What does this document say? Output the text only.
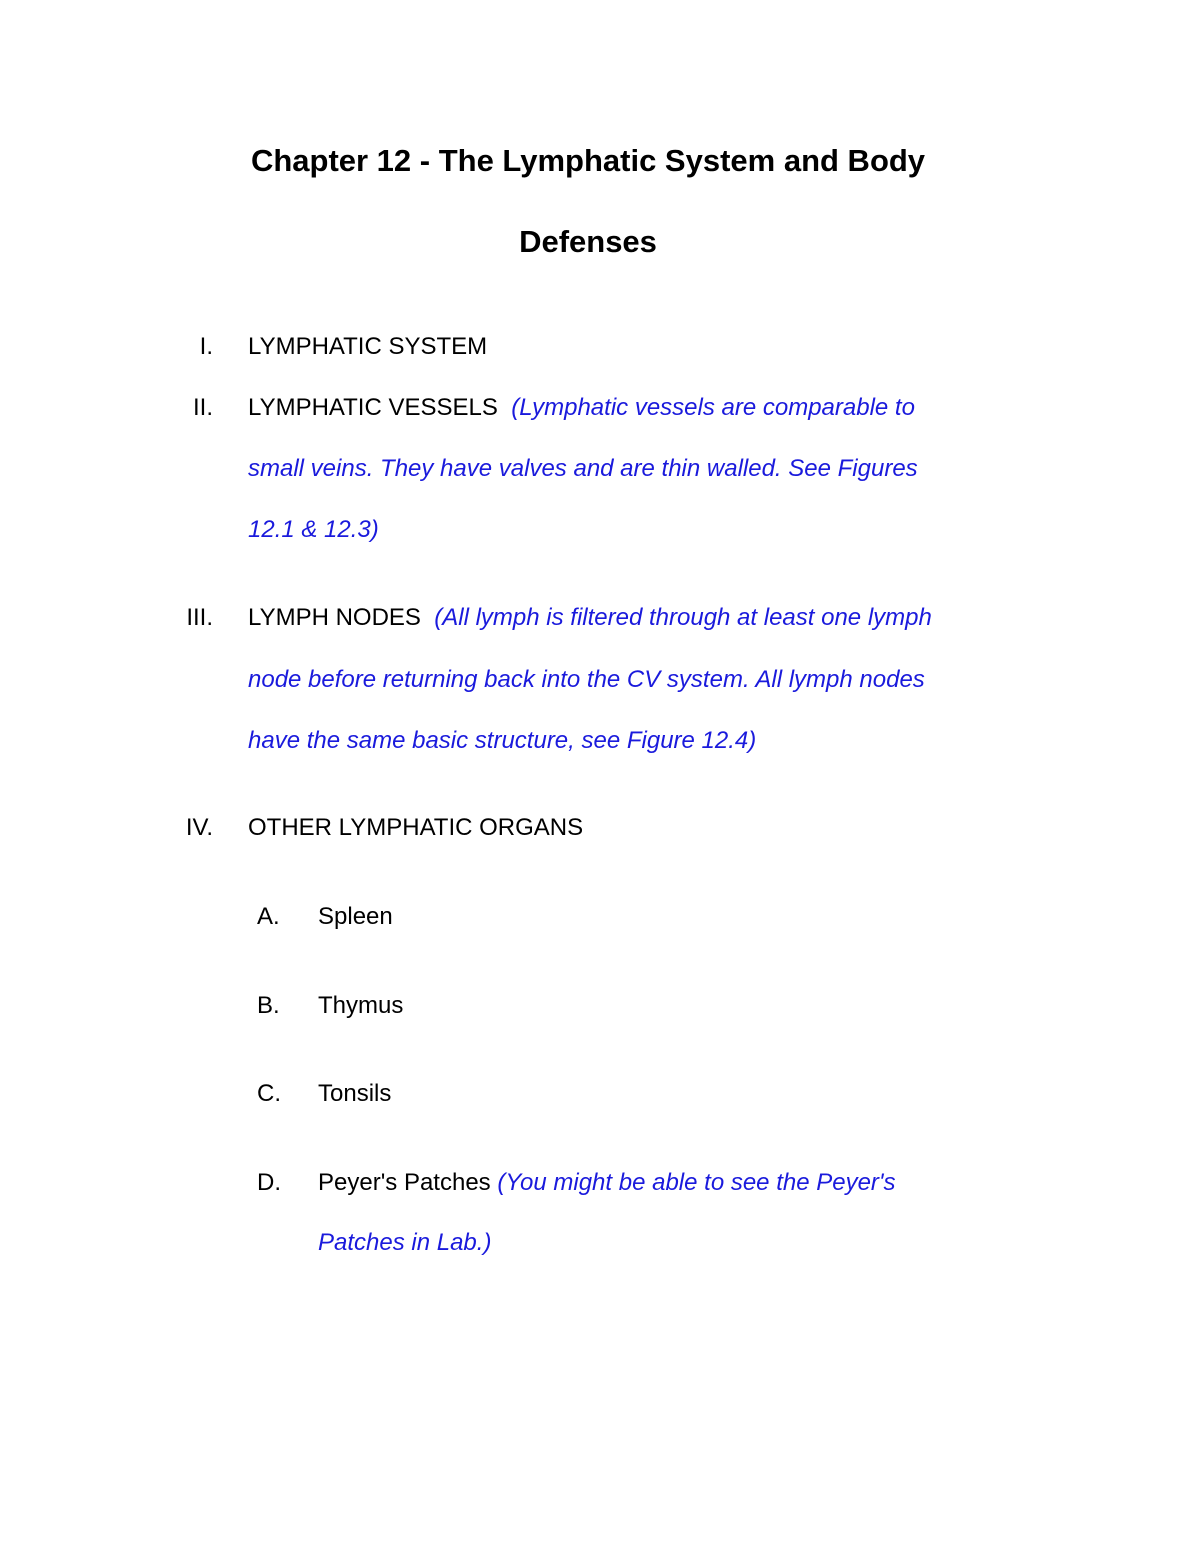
Chapter 12 - The Lymphatic System and Body
Defenses
I. LYMPHATIC SYSTEM
II. LYMPHATIC VESSELS (Lymphatic vessels are comparable to
small veins. They have valves and are thin walled. See Figures
12.1 & 12.3)
III. LYMPH NODES (All lymph is filtered through at least one lymph
node before returning back into the CV system. All lymph nodes
have the same basic structure, see Figure 12.4)
IV. OTHER LYMPHATIC ORGANS
A. Spleen
B. Thymus
C. Tonsils
D. Peyer's Patches (You might be able to see the Peyer's
Patches in Lab.)
